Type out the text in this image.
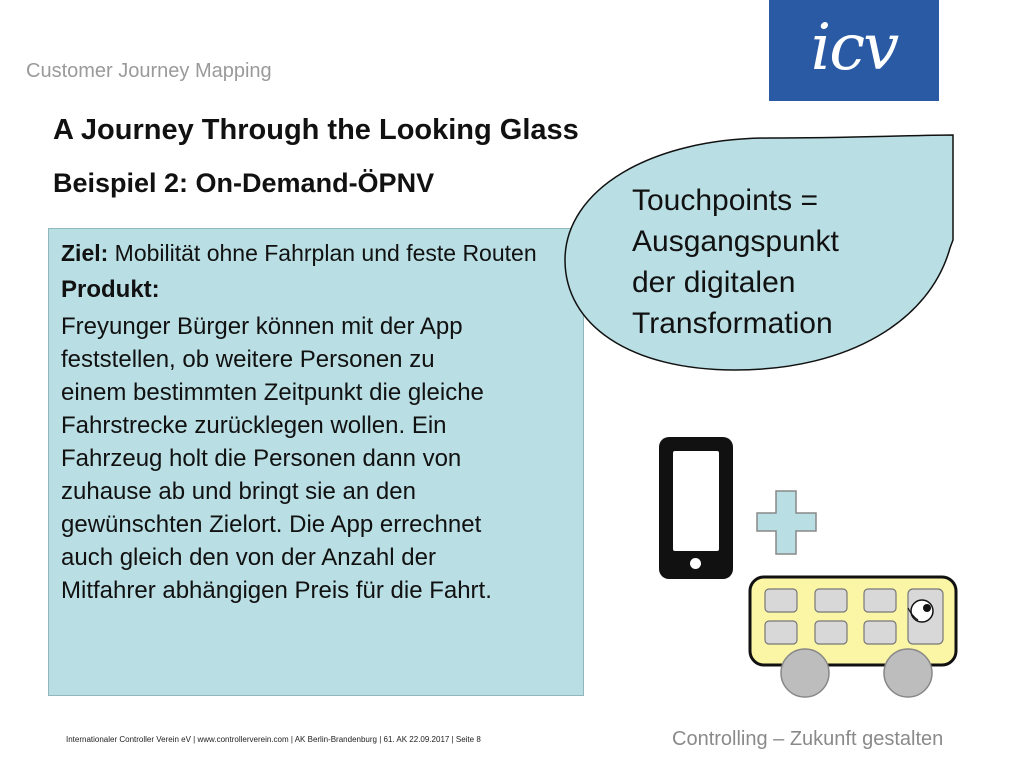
Customer Journey Mapping	icv
A Journey Through the Looking Glass
Beispiel 2: On-Demand-ÖPNV

Ziel: Mobilität ohne Fahrplan und feste Routen

Produkt:

Freyunger Bürger können mit der App

feststellen, ob weitere Personen zu

einem bestimmten Zeitpunkt die gleiche

Fahrstrecke zurücklegen wollen. Ein

Fahrzeug holt die Personen dann von

zuhause ab und bringt sie an den

gewünschten Zielort. Die App errechnet

auch gleich den von der Anzahl der

Mitfahrer abhängigen Preis für die Fahrt.

Touchpoints =
Ausgangspunkt
der digitalen
Transformation
Internationaler Controller Verein eV | www.controllerverein.com | AK Berlin-Brandenburg | 61. AK 22.09.2017 | Seite 8	Controlling – Zukunft gestalten
